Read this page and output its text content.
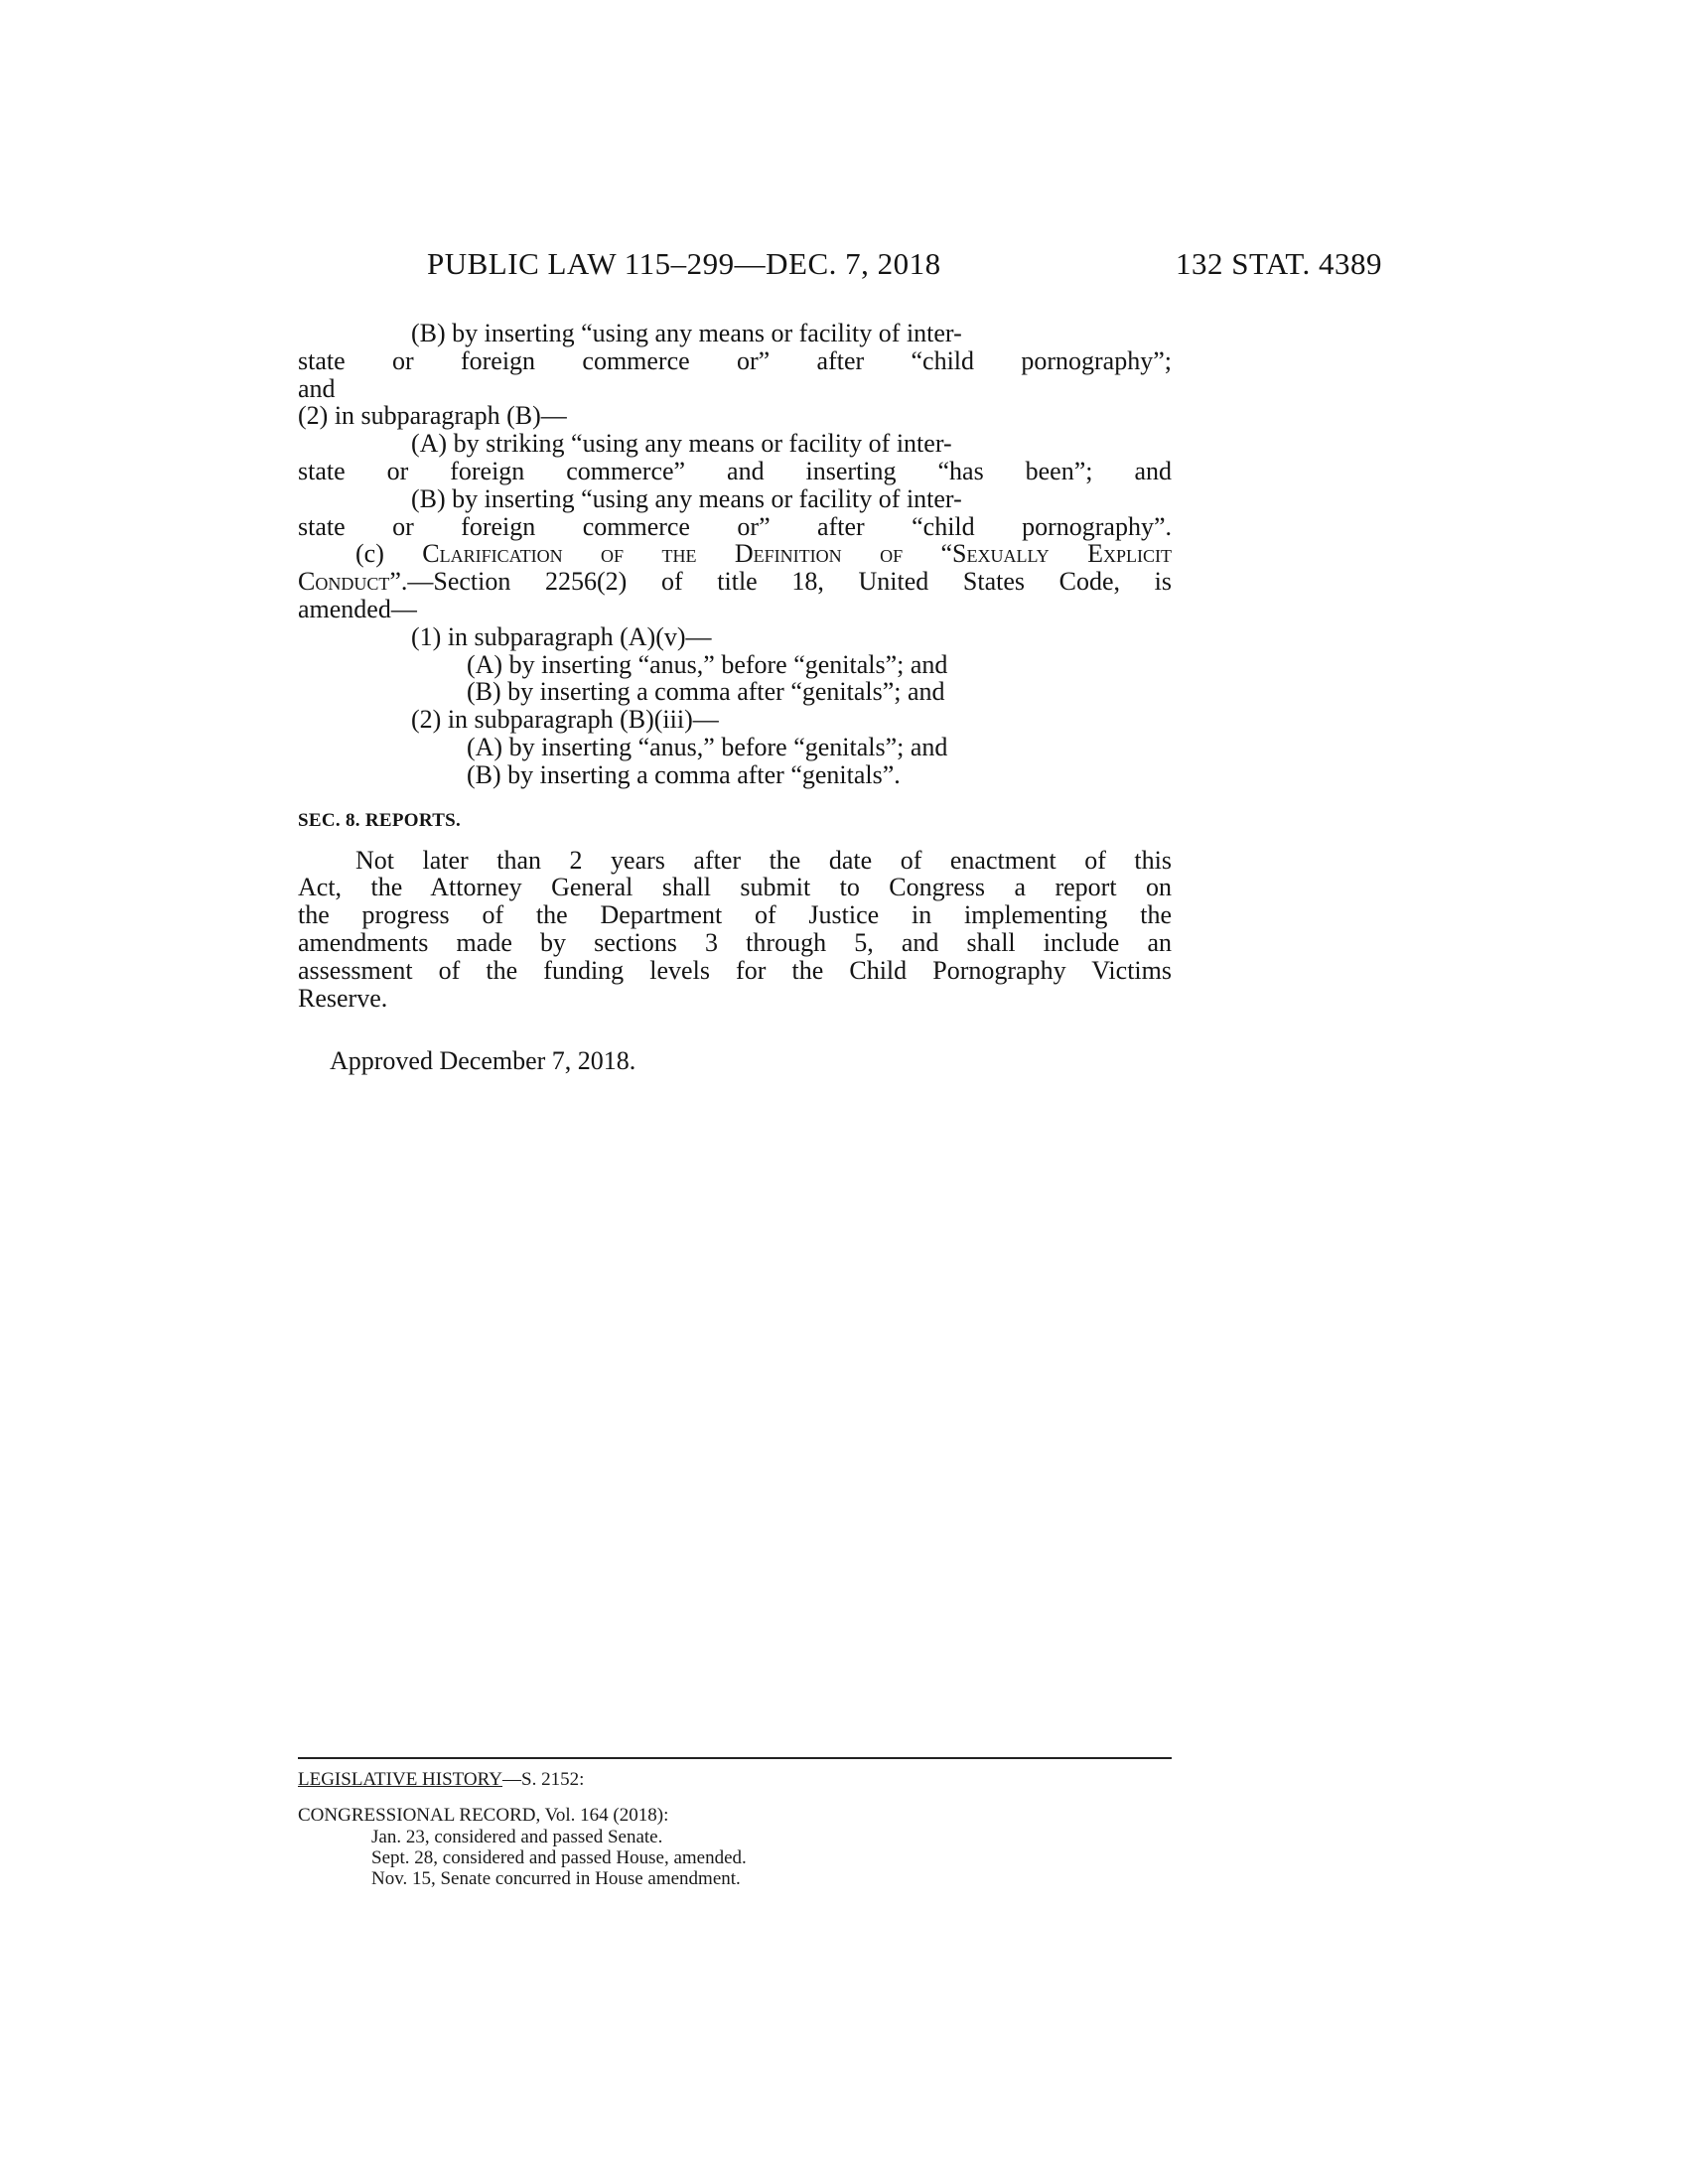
PUBLIC LAW 115–299—DEC. 7, 2018	132 STAT. 4389
(B) by inserting “using any means or facility of inter-
state or foreign commerce or” after “child pornography”;
and
(2) in subparagraph (B)—
(A) by striking “using any means or facility of inter-
state or foreign commerce” and inserting “has been”; and
(B) by inserting “using any means or facility of inter-
state or foreign commerce or” after “child pornography”.
(c) Clarification of the Definition of “Sexually Explicit
Conduct”.—Section 2256(2) of title 18, United States Code, is
amended—
(1) in subparagraph (A)(v)—
(A) by inserting “anus,” before “genitals”; and
(B) by inserting a comma after “genitals”; and
(2) in subparagraph (B)(iii)—
(A) by inserting “anus,” before “genitals”; and
(B) by inserting a comma after “genitals”.
SEC. 8. REPORTS.
Not later than 2 years after the date of enactment of this
Act, the Attorney General shall submit to Congress a report on
the progress of the Department of Justice in implementing the
amendments made by sections 3 through 5, and shall include an
assessment of the funding levels for the Child Pornography Victims
Reserve.
Approved December 7, 2018.
LEGISLATIVE HISTORY—S. 2152:
CONGRESSIONAL RECORD, Vol. 164 (2018):
Jan. 23, considered and passed Senate.
Sept. 28, considered and passed House, amended.
Nov. 15, Senate concurred in House amendment.
